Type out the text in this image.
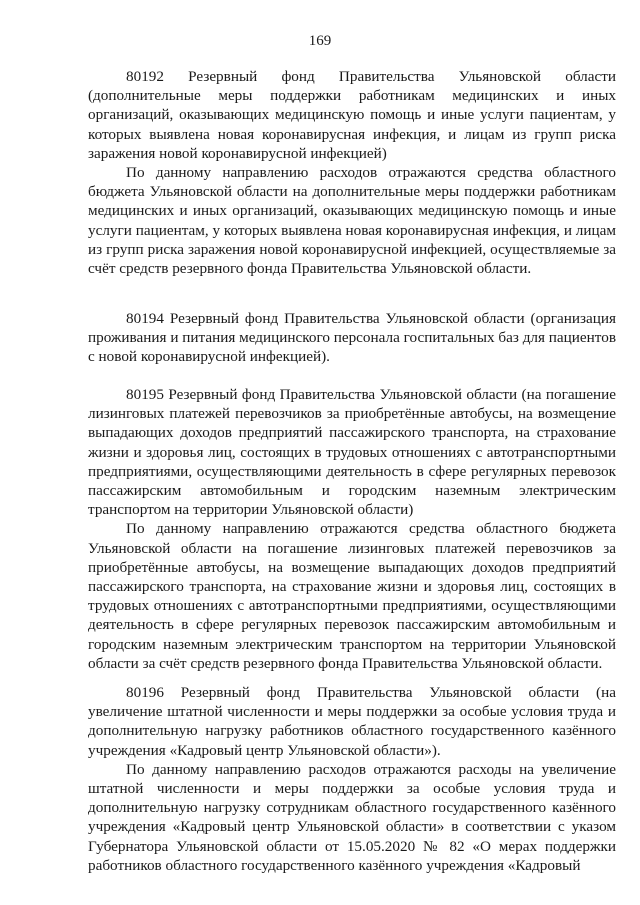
169

80192 Резервный фонд Правительства Ульяновской области (дополнительные меры поддержки работникам медицинских и иных организаций, оказывающих медицинскую помощь и иные услуги пациентам, у которых выявлена новая коронавирусная инфекция, и лицам из групп риска заражения новой коронавирусной инфекцией)

По данному направлению расходов отражаются средства областного бюджета Ульяновской области на дополнительные меры поддержки работникам медицинских и иных организаций, оказывающих медицинскую помощь и иные услуги пациентам, у которых выявлена новая коронавирусная инфекция, и лицам из групп риска заражения новой коронавирусной инфекцией, осуществляемые за счёт средств резервного фонда Правительства Ульяновской области.

80194 Резервный фонд Правительства Ульяновской области (организация проживания и питания медицинского персонала госпитальных баз для пациентов с новой коронавирусной инфекцией).

80195 Резервный фонд Правительства Ульяновской области (на погашение лизинговых платежей перевозчиков за приобретённые автобусы, на возмещение выпадающих доходов предприятий пассажирского транспорта, на страхование жизни и здоровья лиц, состоящих в трудовых отношениях с автотранспортными предприятиями, осуществляющими деятельность в сфере регулярных перевозок пассажирским автомобильным и городским наземным электрическим транспортом на территории Ульяновской области)

По данному направлению отражаются средства областного бюджета Ульяновской области на погашение лизинговых платежей перевозчиков за приобретённые автобусы, на возмещение выпадающих доходов предприятий пассажирского транспорта, на страхование жизни и здоровья лиц, состоящих в трудовых отношениях с автотранспортными предприятиями, осуществляющими деятельность в сфере регулярных перевозок пассажирским автомобильным и городским наземным электрическим транспортом на территории Ульяновской области за счёт средств резервного фонда Правительства Ульяновской области.

80196 Резервный фонд Правительства Ульяновской области (на увеличение штатной численности и меры поддержки за особые условия труда и дополнительную нагрузку работников областного государственного казённого учреждения «Кадровый центр Ульяновской области»).

По данному направлению расходов отражаются расходы на увеличение штатной численности и меры поддержки за особые условия труда и дополнительную нагрузку сотрудникам областного государственного казённого учреждения «Кадровый центр Ульяновской области» в соответствии с указом Губернатора Ульяновской области от 15.05.2020 № 82 «О мерах поддержки работников областного государственного казённого учреждения «Кадровый
